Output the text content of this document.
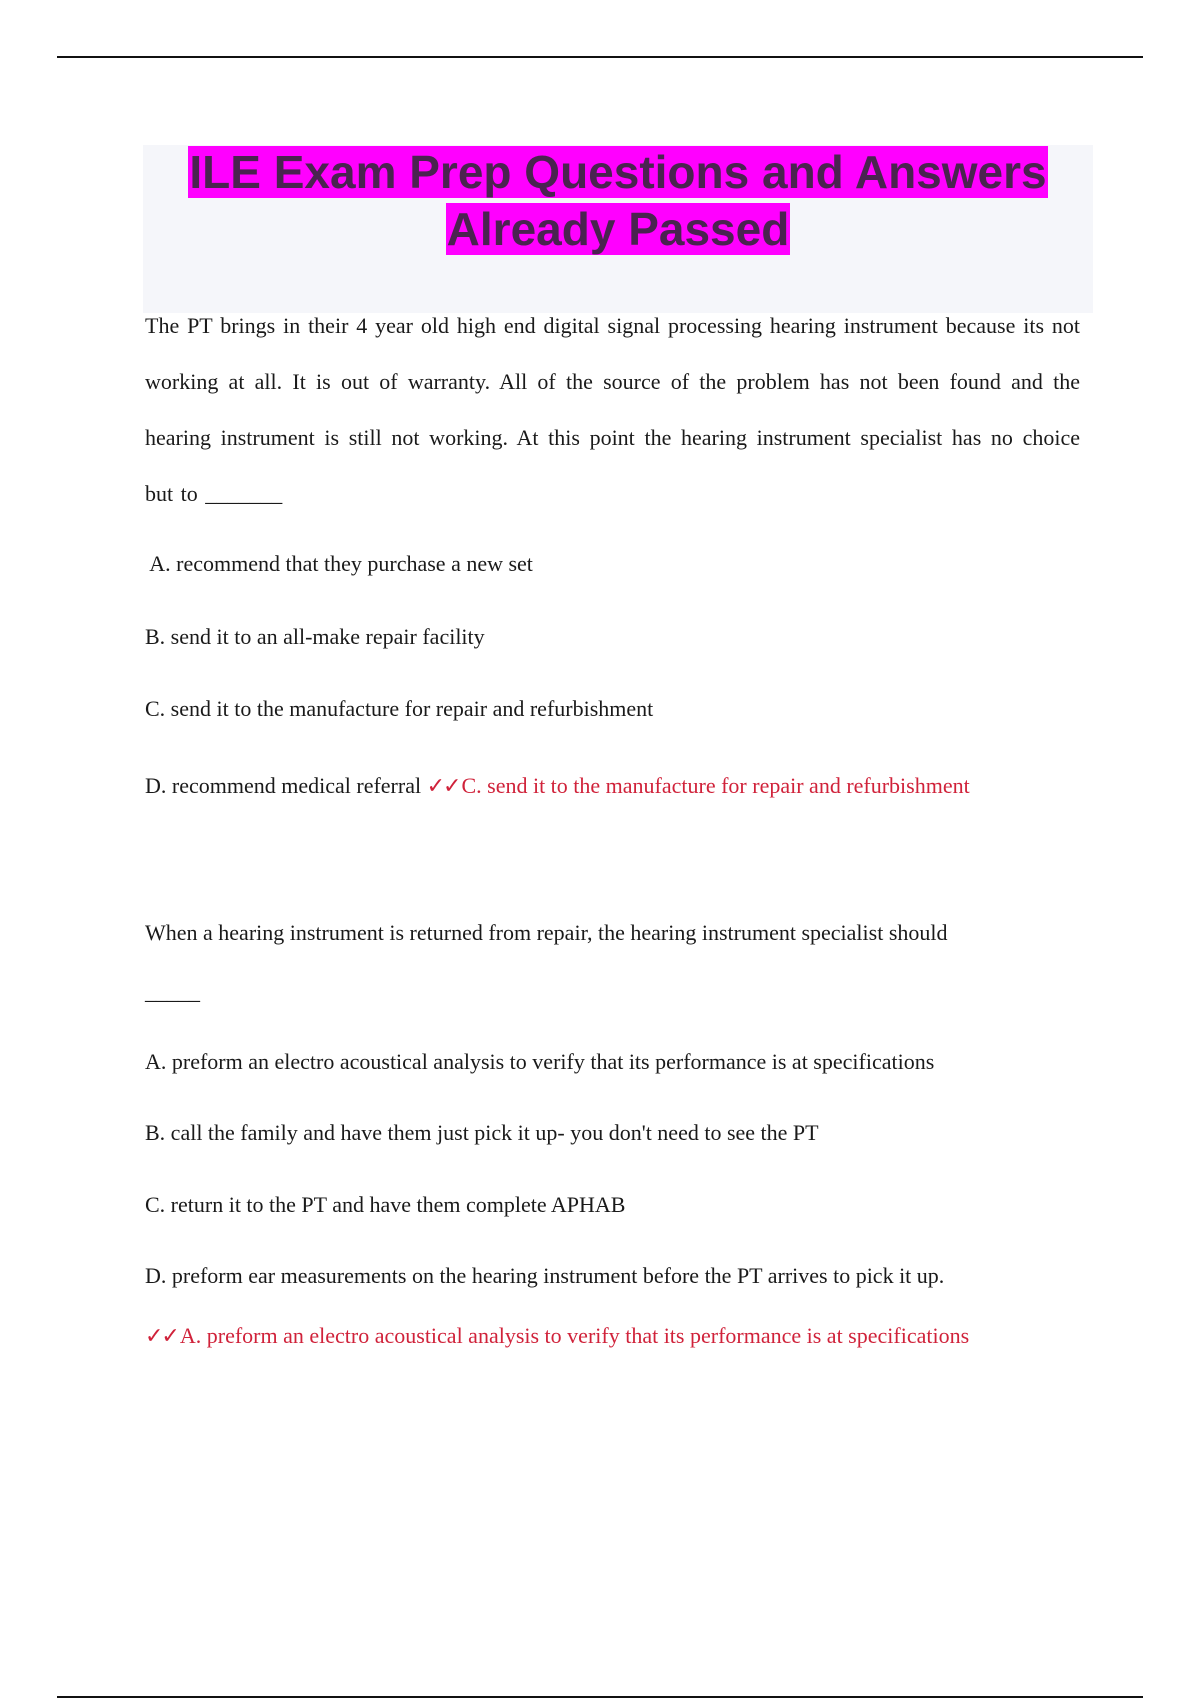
ILE Exam Prep Questions and Answers
Already Passed

The PT brings in their 4 year old high end digital signal processing hearing instrument because its not working at all. It is out of warranty. All of the source of the problem has not been found and the hearing instrument is still not working. At this point the hearing instrument specialist has no choice but to _______

A. recommend that they purchase a new set

B. send it to an all-make repair facility

C. send it to the manufacture for repair and refurbishment

D. recommend medical referral ✓✓C. send it to the manufacture for repair and refurbishment

When a hearing instrument is returned from repair, the hearing instrument specialist should

_____

A. preform an electro acoustical analysis to verify that its performance is at specifications

B. call the family and have them just pick it up- you don't need to see the PT

C. return it to the PT and have them complete APHAB

D. preform ear measurements on the hearing instrument before the PT arrives to pick it up.

✓✓A. preform an electro acoustical analysis to verify that its performance is at specifications
